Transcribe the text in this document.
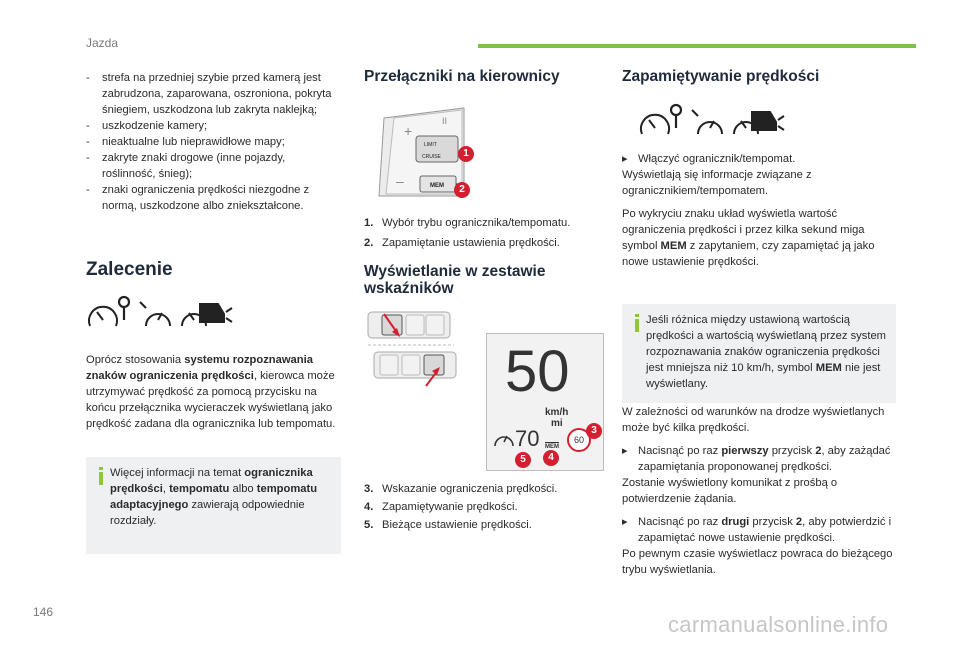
Jazda
- strefa na przedniej szybie przed kamerą jest zabrudzona, zaparowana, oszroniona, pokryta śniegiem, uszkodzona lub zakryta naklejką;
- uszkodzenie kamery;
- nieaktualne lub nieprawidłowe mapy;
- zakryte znaki drogowe (inne pojazdy, roślinność, śnieg);
- znaki ograniczenia prędkości niezgodne z normą, uszkodzone albo zniekształcone.
Zalecenie
Oprócz stosowania systemu rozpoznawania znaków ograniczenia prędkości, kierowca może utrzymywać prędkość za pomocą przycisku na końcu przełącznika wycieraczek wyświetlaną jako prędkość zadana dla ogranicznika lub tempomatu.
Więcej informacji na temat ogranicznika prędkości, tempomatu albo tempomatu adaptacyjnego zawierają odpowiednie rozdziały.
Przełączniki na kierownicy
+
II
–
LIMIT
CRUISE
MEM
1
2
1. Wybór trybu ogranicznika/tempomatu.
2. Zapamiętanie ustawienia prędkości.
Wyświetlanie w zestawie wskaźników
50
km/h
mi
70 MEM
60
3
4
5
3. Wskazanie ograniczenia prędkości.
4. Zapamiętywanie prędkości.
5. Bieżące ustawienie prędkości.
Zapamiętywanie prędkości
▸ Włączyć ogranicznik/tempomat.

Wyświetlają się informacje związane z ogranicznikiem/tempomatem.

Po wykryciu znaku układ wyświetla wartość ograniczenia prędkości i przez kilka sekund miga symbol MEM z zapytaniem, czy zapamiętać ją jako nowe ustawienie prędkości.

Jeśli różnica między ustawioną wartością prędkości a wartością wyświetlaną przez system rozpoznawania znaków ograniczenia prędkości jest mniejsza niż 10 km/h, symbol MEM nie jest wyświetlany.

W zależności od warunków na drodze wyświetlanych może być kilka prędkości.

▸ Nacisnąć po raz pierwszy przycisk 2, aby zażądać zapamiętania proponowanej prędkości.

Zostanie wyświetlony komunikat z prośbą o potwierdzenie żądania.

▸ Nacisnąć po raz drugi przycisk 2, aby potwierdzić i zapamiętać nowe ustawienie prędkości.

Po pewnym czasie wyświetlacz powraca do bieżącego trybu wyświetlania.

146	carmanualsonline.info
